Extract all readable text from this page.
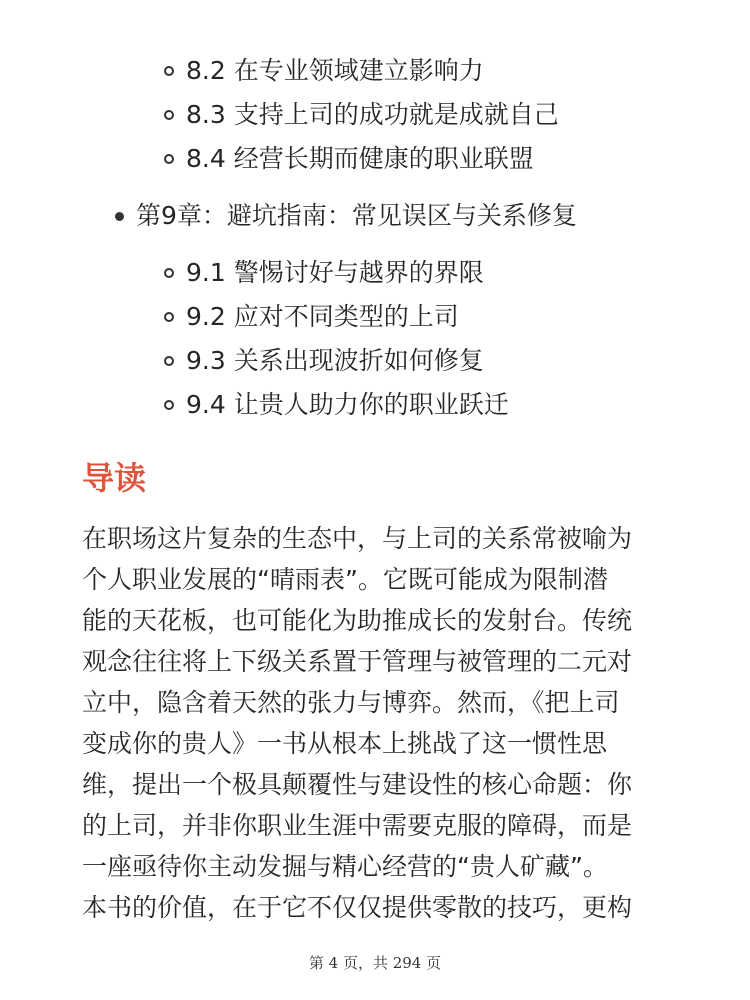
8.2 在专业领域建立影响力
8.3 支持上司的成功就是成就自己
8.4 经营长期而健康的职业联盟
第9章：避坑指南：常见误区与关系修复
9.1 警惕讨好与越界的界限
9.2 应对不同类型的上司
9.3 关系出现波折如何修复
9.4 让贵人助力你的职业跃迁
导读
在职场这片复杂的生态中，与上司的关系常被喻为
个人职业发展的“晴雨表”。它既可能成为限制潜
能的天花板，也可能化为助推成长的发射台。传统
观念往往将上下级关系置于管理与被管理的二元对
立中，隐含着天然的张力与博弈。然而，《把上司
变成你的贵人》一书从根本上挑战了这一惯性思
维，提出一个极具颠覆性与建设性的核心命题：你
的上司，并非你职业生涯中需要克服的障碍，而是
一座亟待你主动发掘与精心经营的“贵人矿藏”。
本书的价值，在于它不仅仅提供零散的技巧，更构
第 4 页，共 294 页
